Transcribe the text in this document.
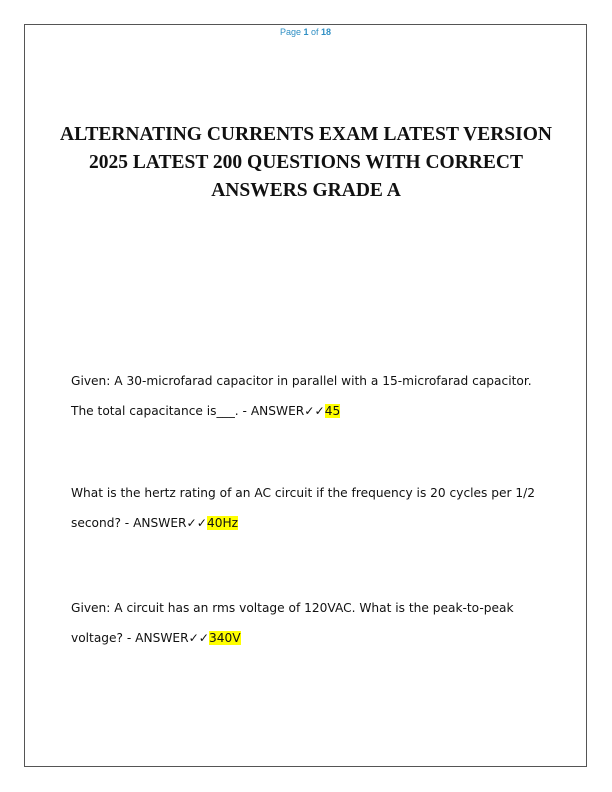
Page 1 of 18
ALTERNATING CURRENTS EXAM LATEST VERSION 2025 LATEST 200 QUESTIONS WITH CORRECT ANSWERS GRADE A

Given: A 30-microfarad capacitor in parallel with a 15-microfarad capacitor. The total capacitance is___. - ANSWER✓✓45

What is the hertz rating of an AC circuit if the frequency is 20 cycles per 1/2 second? - ANSWER✓✓40Hz

Given: A circuit has an rms voltage of 120VAC. What is the peak-to-peak voltage? - ANSWER✓✓340V
